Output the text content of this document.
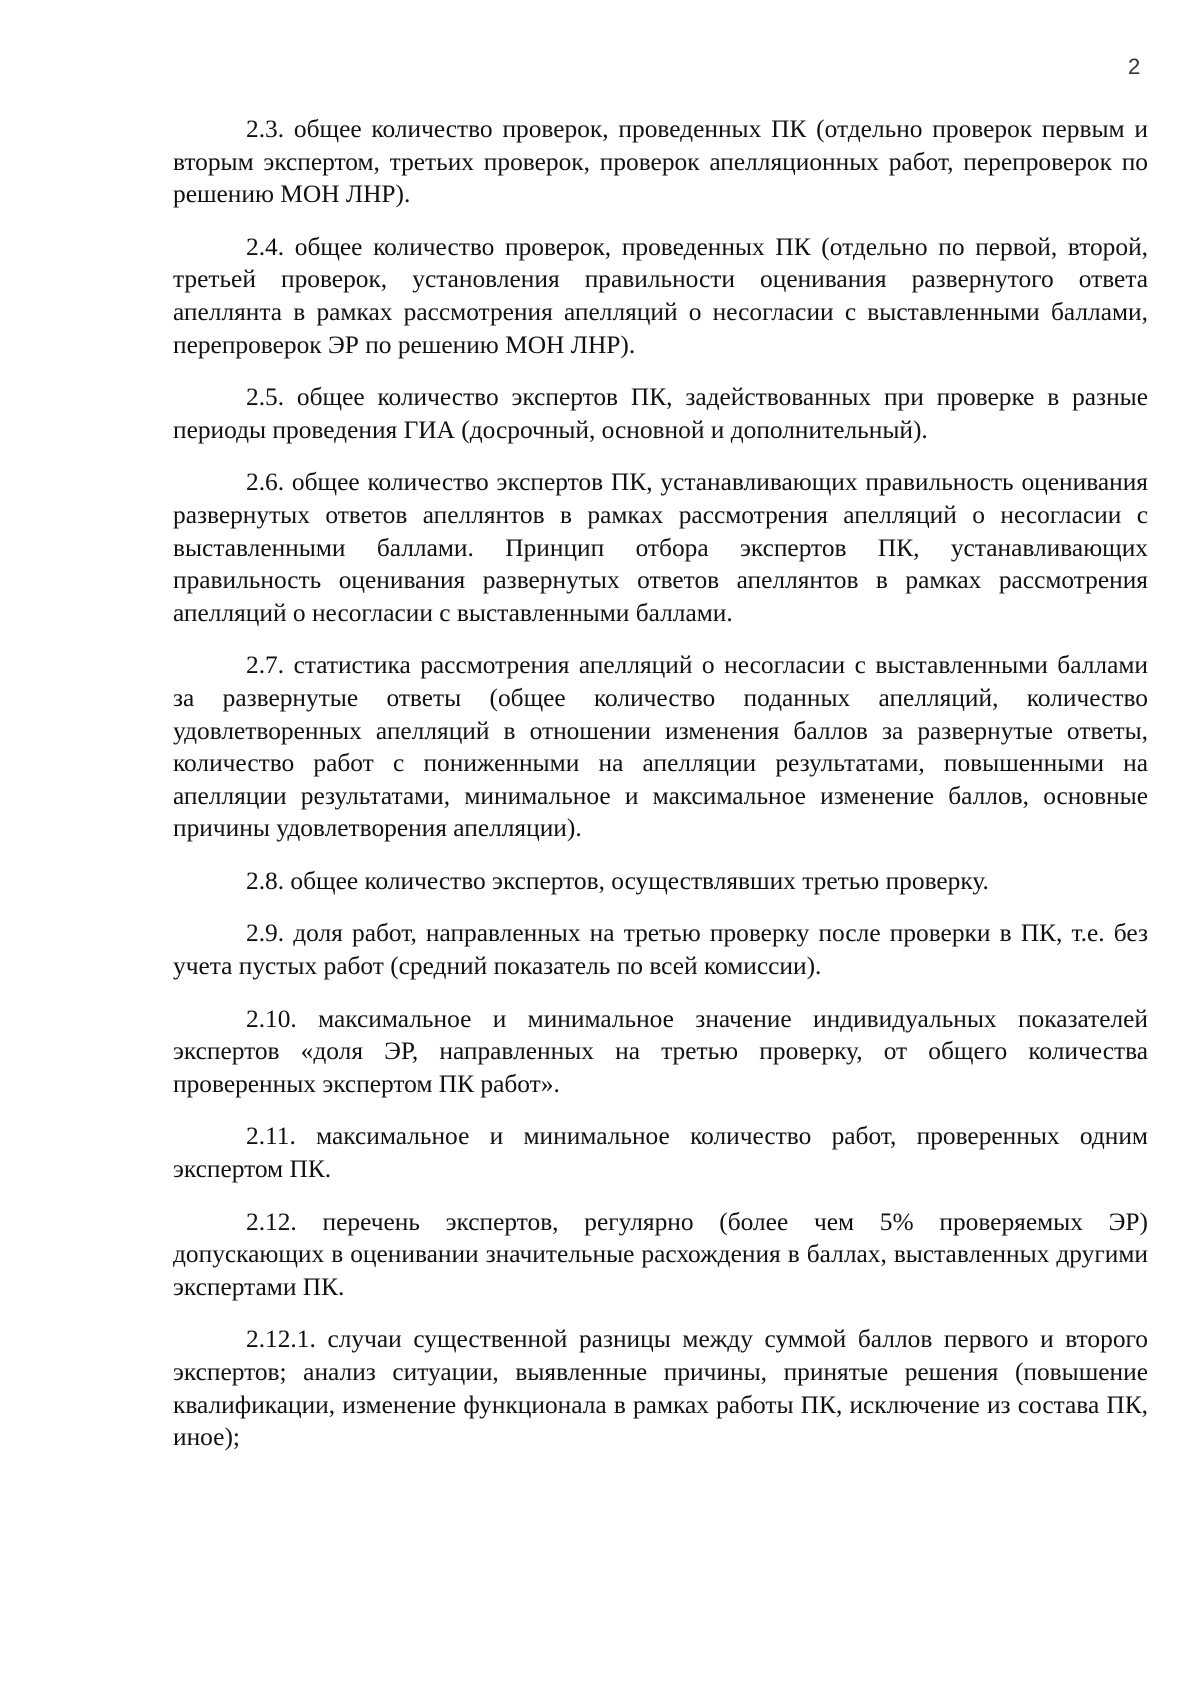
2

2.3. общее количество проверок, проведенных ПК (отдельно проверок первым и вторым экспертом, третьих проверок, проверок апелляционных работ, перепроверок по решению МОН ЛНР).

2.4. общее количество проверок, проведенных ПК (отдельно по первой, второй, третьей проверок, установления правильности оценивания развернутого ответа апеллянта в рамках рассмотрения апелляций о несогласии с выставленными баллами, перепроверок ЭР по решению МОН ЛНР).

2.5. общее количество экспертов ПК, задействованных при проверке в разные периоды проведения ГИА (досрочный, основной и дополнительный).

2.6. общее количество экспертов ПК, устанавливающих правильность оценивания развернутых ответов апеллянтов в рамках рассмотрения апелляций о несогласии с выставленными баллами. Принцип отбора экспертов ПК, устанавливающих правильность оценивания развернутых ответов апеллянтов в рамках рассмотрения апелляций о несогласии с выставленными баллами.

2.7. статистика рассмотрения апелляций о несогласии с выставленными баллами за развернутые ответы (общее количество поданных апелляций, количество удовлетворенных апелляций в отношении изменения баллов за развернутые ответы, количество работ с пониженными на апелляции результатами, повышенными на апелляции результатами, минимальное и максимальное изменение баллов, основные причины удовлетворения апелляции).

2.8. общее количество экспертов, осуществлявших третью проверку.

2.9. доля работ, направленных на третью проверку после проверки в ПК, т.е. без учета пустых работ (средний показатель по всей комиссии).

2.10. максимальное и минимальное значение индивидуальных показателей экспертов «доля ЭР, направленных на третью проверку, от общего количества проверенных экспертом ПК работ».

2.11. максимальное и минимальное количество работ, проверенных одним экспертом ПК.

2.12. перечень экспертов, регулярно (более чем 5% проверяемых ЭР) допускающих в оценивании значительные расхождения в баллах, выставленных другими экспертами ПК.

2.12.1. случаи существенной разницы между суммой баллов первого и второго экспертов; анализ ситуации, выявленные причины, принятые решения (повышение квалификации, изменение функционала в рамках работы ПК, исключение из состава ПК, иное);
